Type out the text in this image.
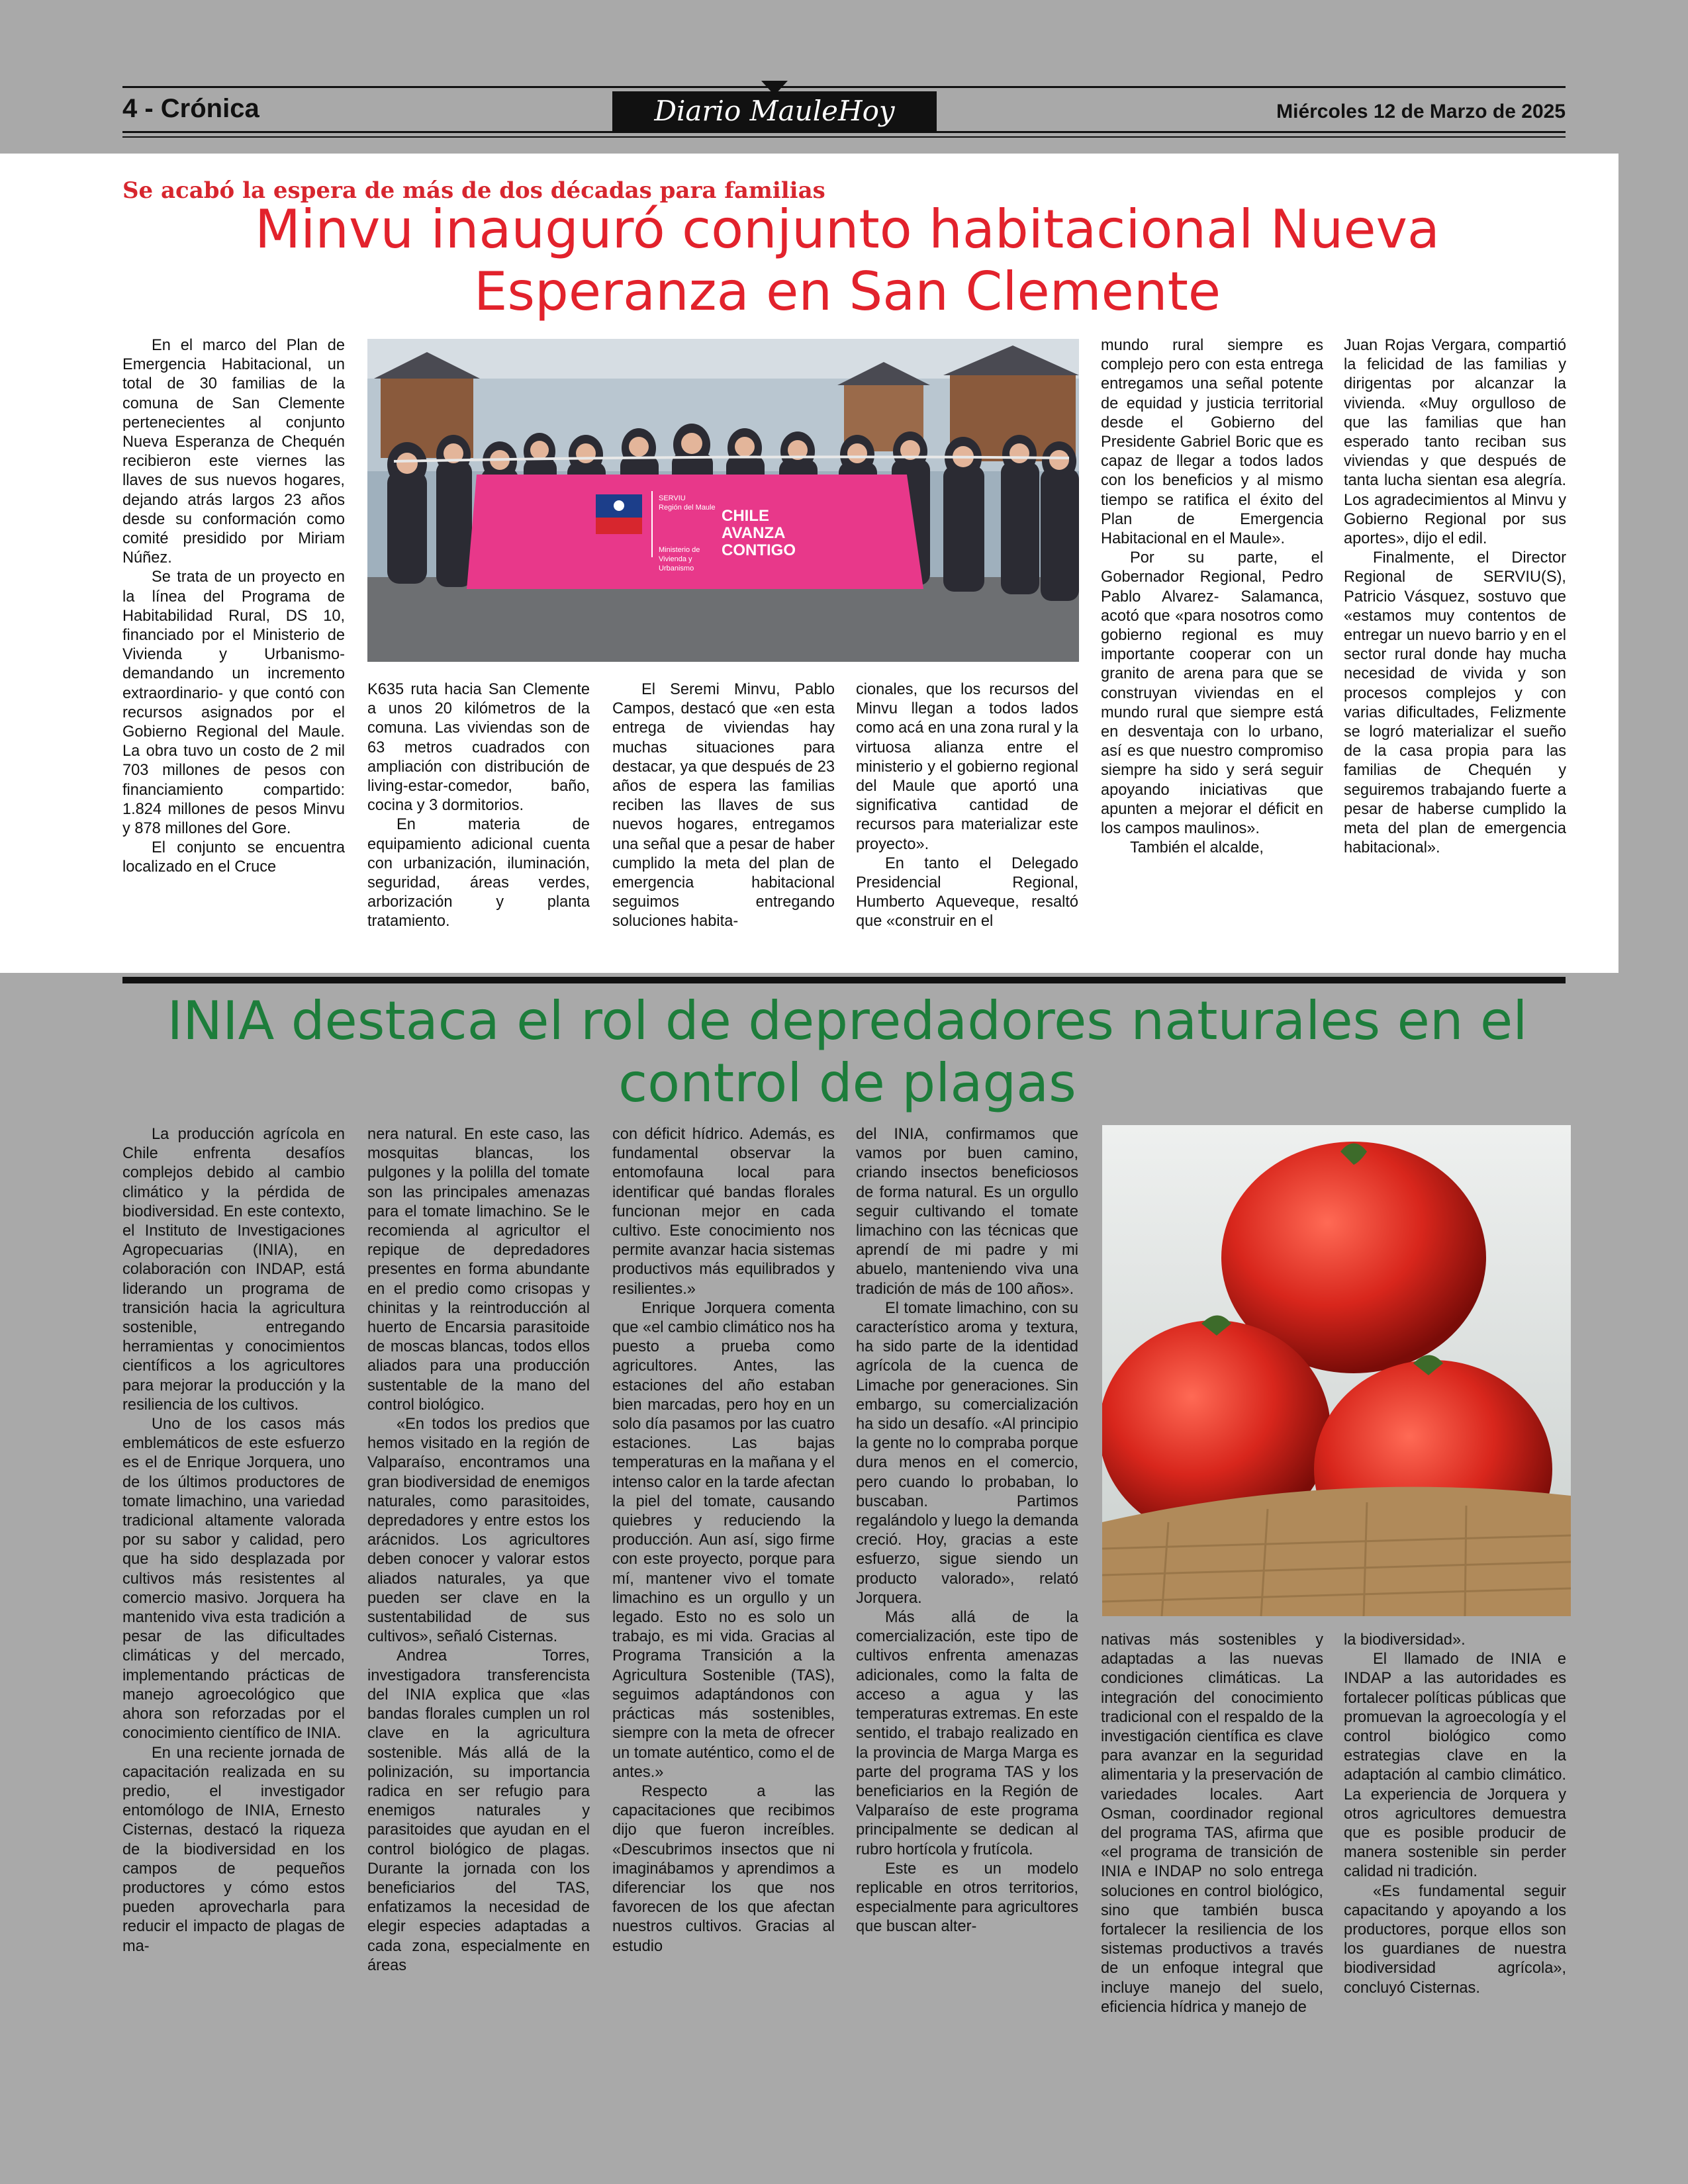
4 - Crónica	Diario MauleHoy	Miércoles 12 de Marzo de 2025
Se acabó la espera de más de dos décadas para familias
Minvu inauguró conjunto habitacional Nueva Esperanza en San Clemente
SERVIU
Región del Maule
Ministerio de
Vivienda y
Urbanismo
CHILE AVANZA CONTIGO

En el marco del Plan de Emergencia Habitacional, un total de 30 familias de la comuna de San Clemente pertenecientes al conjunto Nueva Esperanza de Chequén recibieron este viernes las llaves de sus nuevos hogares, dejando atrás largos 23 años desde su conformación como comité presidido por Miriam Núñez.

Se trata de un proyecto en la línea del Programa de Habitabilidad Rural, DS 10, financiado por el Ministerio de Vivienda y Urbanismo-demandando un incremento extraordinario- y que contó con recursos asignados por el Gobierno Regional del Maule. La obra tuvo un costo de 2 mil 703 millones de pesos con financiamiento compartido: 1.824 millones de pesos Minvu y 878 millones del Gore.

El conjunto se encuentra localizado en el Cruce

K635 ruta hacia San Clemente a unos 20 kilómetros de la comuna. Las viviendas son de 63 metros cuadrados con ampliación con distribución de living-estar-comedor, baño, cocina y 3 dormitorios.

En materia de equipamiento adicional cuenta con urbanización, iluminación, seguridad, áreas verdes, arborización y planta tratamiento.

El Seremi Minvu, Pablo Campos, destacó que «en esta entrega de viviendas hay muchas situaciones para destacar, ya que después de 23 años de espera las familias reciben las llaves de sus nuevos hogares, entregamos una señal que a pesar de haber cumplido la meta del plan de emergencia habitacional seguimos entregando soluciones habita-

cionales, que los recursos del Minvu llegan a todos lados como acá en una zona rural y la virtuosa alianza entre el ministerio y el gobierno regional del Maule que aportó una significativa cantidad de recursos para materializar este proyecto».

En tanto el Delegado Presidencial Regional, Humberto Aqueveque, resaltó que «construir en el

mundo rural siempre es complejo pero con esta entrega entregamos una señal potente de equidad y justicia territorial desde el Gobierno del Presidente Gabriel Boric que es capaz de llegar a todos lados con los beneficios y al mismo tiempo se ratifica el éxito del Plan de Emergencia Habitacional en el Maule».

Por su parte, el Gobernador Regional, Pedro Pablo Alvarez- Salamanca, acotó que «para nosotros como gobierno regional es muy importante cooperar con un granito de arena para que se construyan viviendas en el mundo rural que siempre está en desventaja con lo urbano, así es que nuestro compromiso siempre ha sido y será seguir apoyando iniciativas que apunten a mejorar el déficit en los campos maulinos».

También el alcalde,

Juan Rojas Vergara, compartió la felicidad de las familias y dirigentas por alcanzar la vivienda. «Muy orgulloso de que las familias que han esperado tanto reciban sus viviendas y que después de tanta lucha sientan esa alegría. Los agradecimientos al Minvu y Gobierno Regional por sus aportes», dijo el edil.

Finalmente, el Director Regional de SERVIU(S), Patricio Vásquez, sostuvo que «estamos muy contentos de entregar un nuevo barrio y en el sector rural donde hay mucha necesidad de vivida y son procesos complejos y con varias dificultades, Felizmente se logró materializar el sueño de la casa propia para las familias de Chequén y seguiremos trabajando fuerte a pesar de haberse cumplido la meta del plan de emergencia habitacional».

INIA destaca el rol de depredadores naturales en el control de plagas

La producción agrícola en Chile enfrenta desafíos complejos debido al cambio climático y la pérdida de biodiversidad. En este contexto, el Instituto de Investigaciones Agropecuarias (INIA), en colaboración con INDAP, está liderando un programa de transición hacia la agricultura sostenible, entregando herramientas y conocimientos científicos a los agricultores para mejorar la producción y la resiliencia de los cultivos.

Uno de los casos más emblemáticos de este esfuerzo es el de Enrique Jorquera, uno de los últimos productores de tomate limachino, una variedad tradicional altamente valorada por su sabor y calidad, pero que ha sido desplazada por cultivos más resistentes al comercio masivo. Jorquera ha mantenido viva esta tradición a pesar de las dificultades climáticas y del mercado, implementando prácticas de manejo agroecológico que ahora son reforzadas por el conocimiento científico de INIA.

En una reciente jornada de capacitación realizada en su predio, el investigador entomólogo de INIA, Ernesto Cisternas, destacó la riqueza de la biodiversidad en los campos de pequeños productores y cómo estos pueden aprovecharla para reducir el impacto de plagas de ma-

nera natural. En este caso, las mosquitas blancas, los pulgones y la polilla del tomate son las principales amenazas para el tomate limachino. Se le recomienda al agricultor el repique de depredadores presentes en forma abundante en el predio como crisopas y chinitas y la reintroducción al huerto de Encarsia parasitoide de moscas blancas, todos ellos aliados para una producción sustentable de la mano del control biológico.

«En todos los predios que hemos visitado en la región de Valparaíso, encontramos una gran biodiversidad de enemigos naturales, como parasitoides, depredadores y entre estos los arácnidos. Los agricultores deben conocer y valorar estos aliados naturales, ya que pueden ser clave en la sustentabilidad de sus cultivos», señaló Cisternas.

Andrea Torres, investigadora transferencista del INIA explica que «las bandas florales cumplen un rol clave en la agricultura sostenible. Más allá de la polinización, su importancia radica en ser refugio para enemigos naturales y parasitoides que ayudan en el control biológico de plagas. Durante la jornada con los beneficiarios del TAS, enfatizamos la necesidad de elegir especies adaptadas a cada zona, especialmente en áreas

con déficit hídrico. Además, es fundamental observar la entomofauna local para identificar qué bandas florales funcionan mejor en cada cultivo. Este conocimiento nos permite avanzar hacia sistemas productivos más equilibrados y resilientes.»

Enrique Jorquera comenta que «el cambio climático nos ha puesto a prueba como agricultores. Antes, las estaciones del año estaban bien marcadas, pero hoy en un solo día pasamos por las cuatro estaciones. Las bajas temperaturas en la mañana y el intenso calor en la tarde afectan la piel del tomate, causando quiebres y reduciendo la producción. Aun así, sigo firme con este proyecto, porque para mí, mantener vivo el tomate limachino es un orgullo y un legado. Esto no es solo un trabajo, es mi vida. Gracias al Programa Transición a la Agricultura Sostenible (TAS), seguimos adaptándonos con prácticas más sostenibles, siempre con la meta de ofrecer un tomate auténtico, como el de antes.»

Respecto a las capacitaciones que recibimos dijo que fueron increíbles. «Descubrimos insectos que ni imaginábamos y aprendimos a diferenciar los que nos favorecen de los que afectan nuestros cultivos. Gracias al estudio

del INIA, confirmamos que vamos por buen camino, criando insectos beneficiosos de forma natural. Es un orgullo seguir cultivando el tomate limachino con las técnicas que aprendí de mi padre y mi abuelo, manteniendo viva una tradición de más de 100 años».

El tomate limachino, con su característico aroma y textura, ha sido parte de la identidad agrícola de la cuenca de Limache por generaciones. Sin embargo, su comercialización ha sido un desafío. «Al principio la gente no lo compraba porque dura menos en el comercio, pero cuando lo probaban, lo buscaban. Partimos regalándolo y luego la demanda creció. Hoy, gracias a este esfuerzo, sigue siendo un producto valorado», relató Jorquera.

Más allá de la comercialización, este tipo de cultivos enfrenta amenazas adicionales, como la falta de acceso a agua y las temperaturas extremas. En este sentido, el trabajo realizado en la provincia de Marga Marga es parte del programa TAS y los beneficiarios en la Región de Valparaíso de este programa principalmente se dedican al rubro hortícola y frutícola.

Este es un modelo replicable en otros territorios, especialmente para agricultores que buscan alter-

nativas más sostenibles y adaptadas a las nuevas condiciones climáticas. La integración del conocimiento tradicional con el respaldo de la investigación científica es clave para avanzar en la seguridad alimentaria y la preservación de variedades locales. Aart Osman, coordinador regional del programa TAS, afirma que «el programa de transición de INIA e INDAP no solo entrega soluciones en control biológico, sino que también busca fortalecer la resiliencia de los sistemas productivos a través de un enfoque integral que incluye manejo del suelo, eficiencia hídrica y manejo de

la biodiversidad».

El llamado de INIA e INDAP a las autoridades es fortalecer políticas públicas que promuevan la agroecología y el control biológico como estrategias clave en la adaptación al cambio climático. La experiencia de Jorquera y otros agricultores demuestra que es posible producir de manera sostenible sin perder calidad ni tradición.

«Es fundamental seguir capacitando y apoyando a los productores, porque ellos son los guardianes de nuestra biodiversidad agrícola», concluyó Cisternas.
